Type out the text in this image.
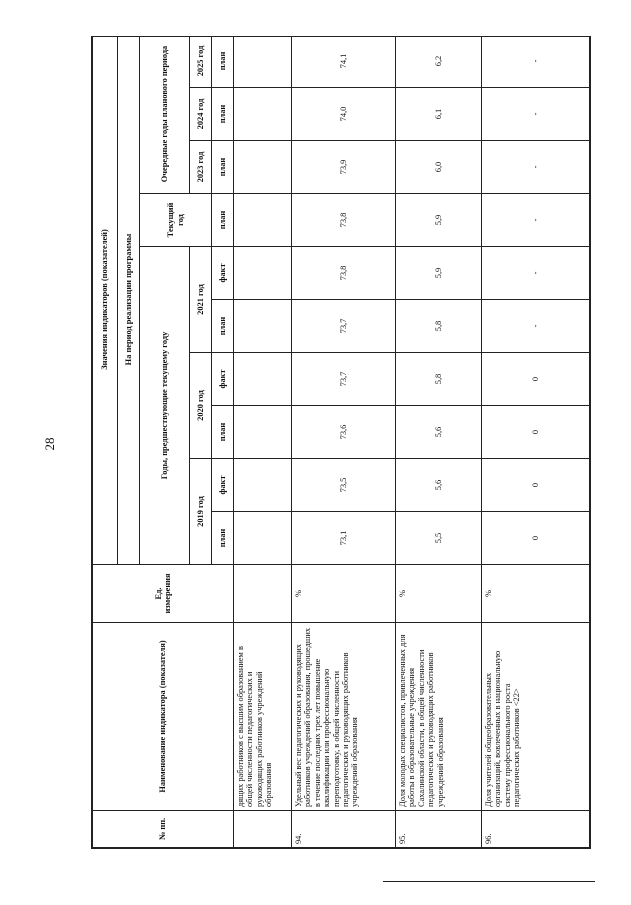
28
№ пп.	Наименование индикатора (показателя)	Ед. измерения	Значения индикаторов (показателей)									
			На период реализации программы									
			Годы, предшествующие текущему году						Текущий год	Очередные годы планового периода		

			2019 год		2020 год		2021 год			2023 год	2024 год	2025 год
			план	факт	план	факт	план	факт	план	план	план	план
	дящих работников с высшим образованием в общей численности педагогических и руководящих работников учреждений образования											
94.	Удельный вес педагогических и руководящих работников учреждений образования, прошедших в течение последних трех лет повышение квалификации или профессиональную переподготовку, в общей численности педагогических и руководящих работников учреждений образования	%	73,1	73,5	73,6	73,7	73,7	73,8	73,8	73,9	74,0	74,1
95.	Доля молодых специалистов, привлеченных для работы в образовательные учреждения Сахалинской области, в общей численности педагогических и руководящих работников учреждений образования	%	5,5	5,6	5,6	5,8	5,8	5,9	5,9	6,0	6,1	6,2
96.	Доля учителей общеобразовательных организаций, вовлеченных в национальную систему профессионального роста педагогических работников <22>	%	0	0	0	0	-	-	-	-	-	-
